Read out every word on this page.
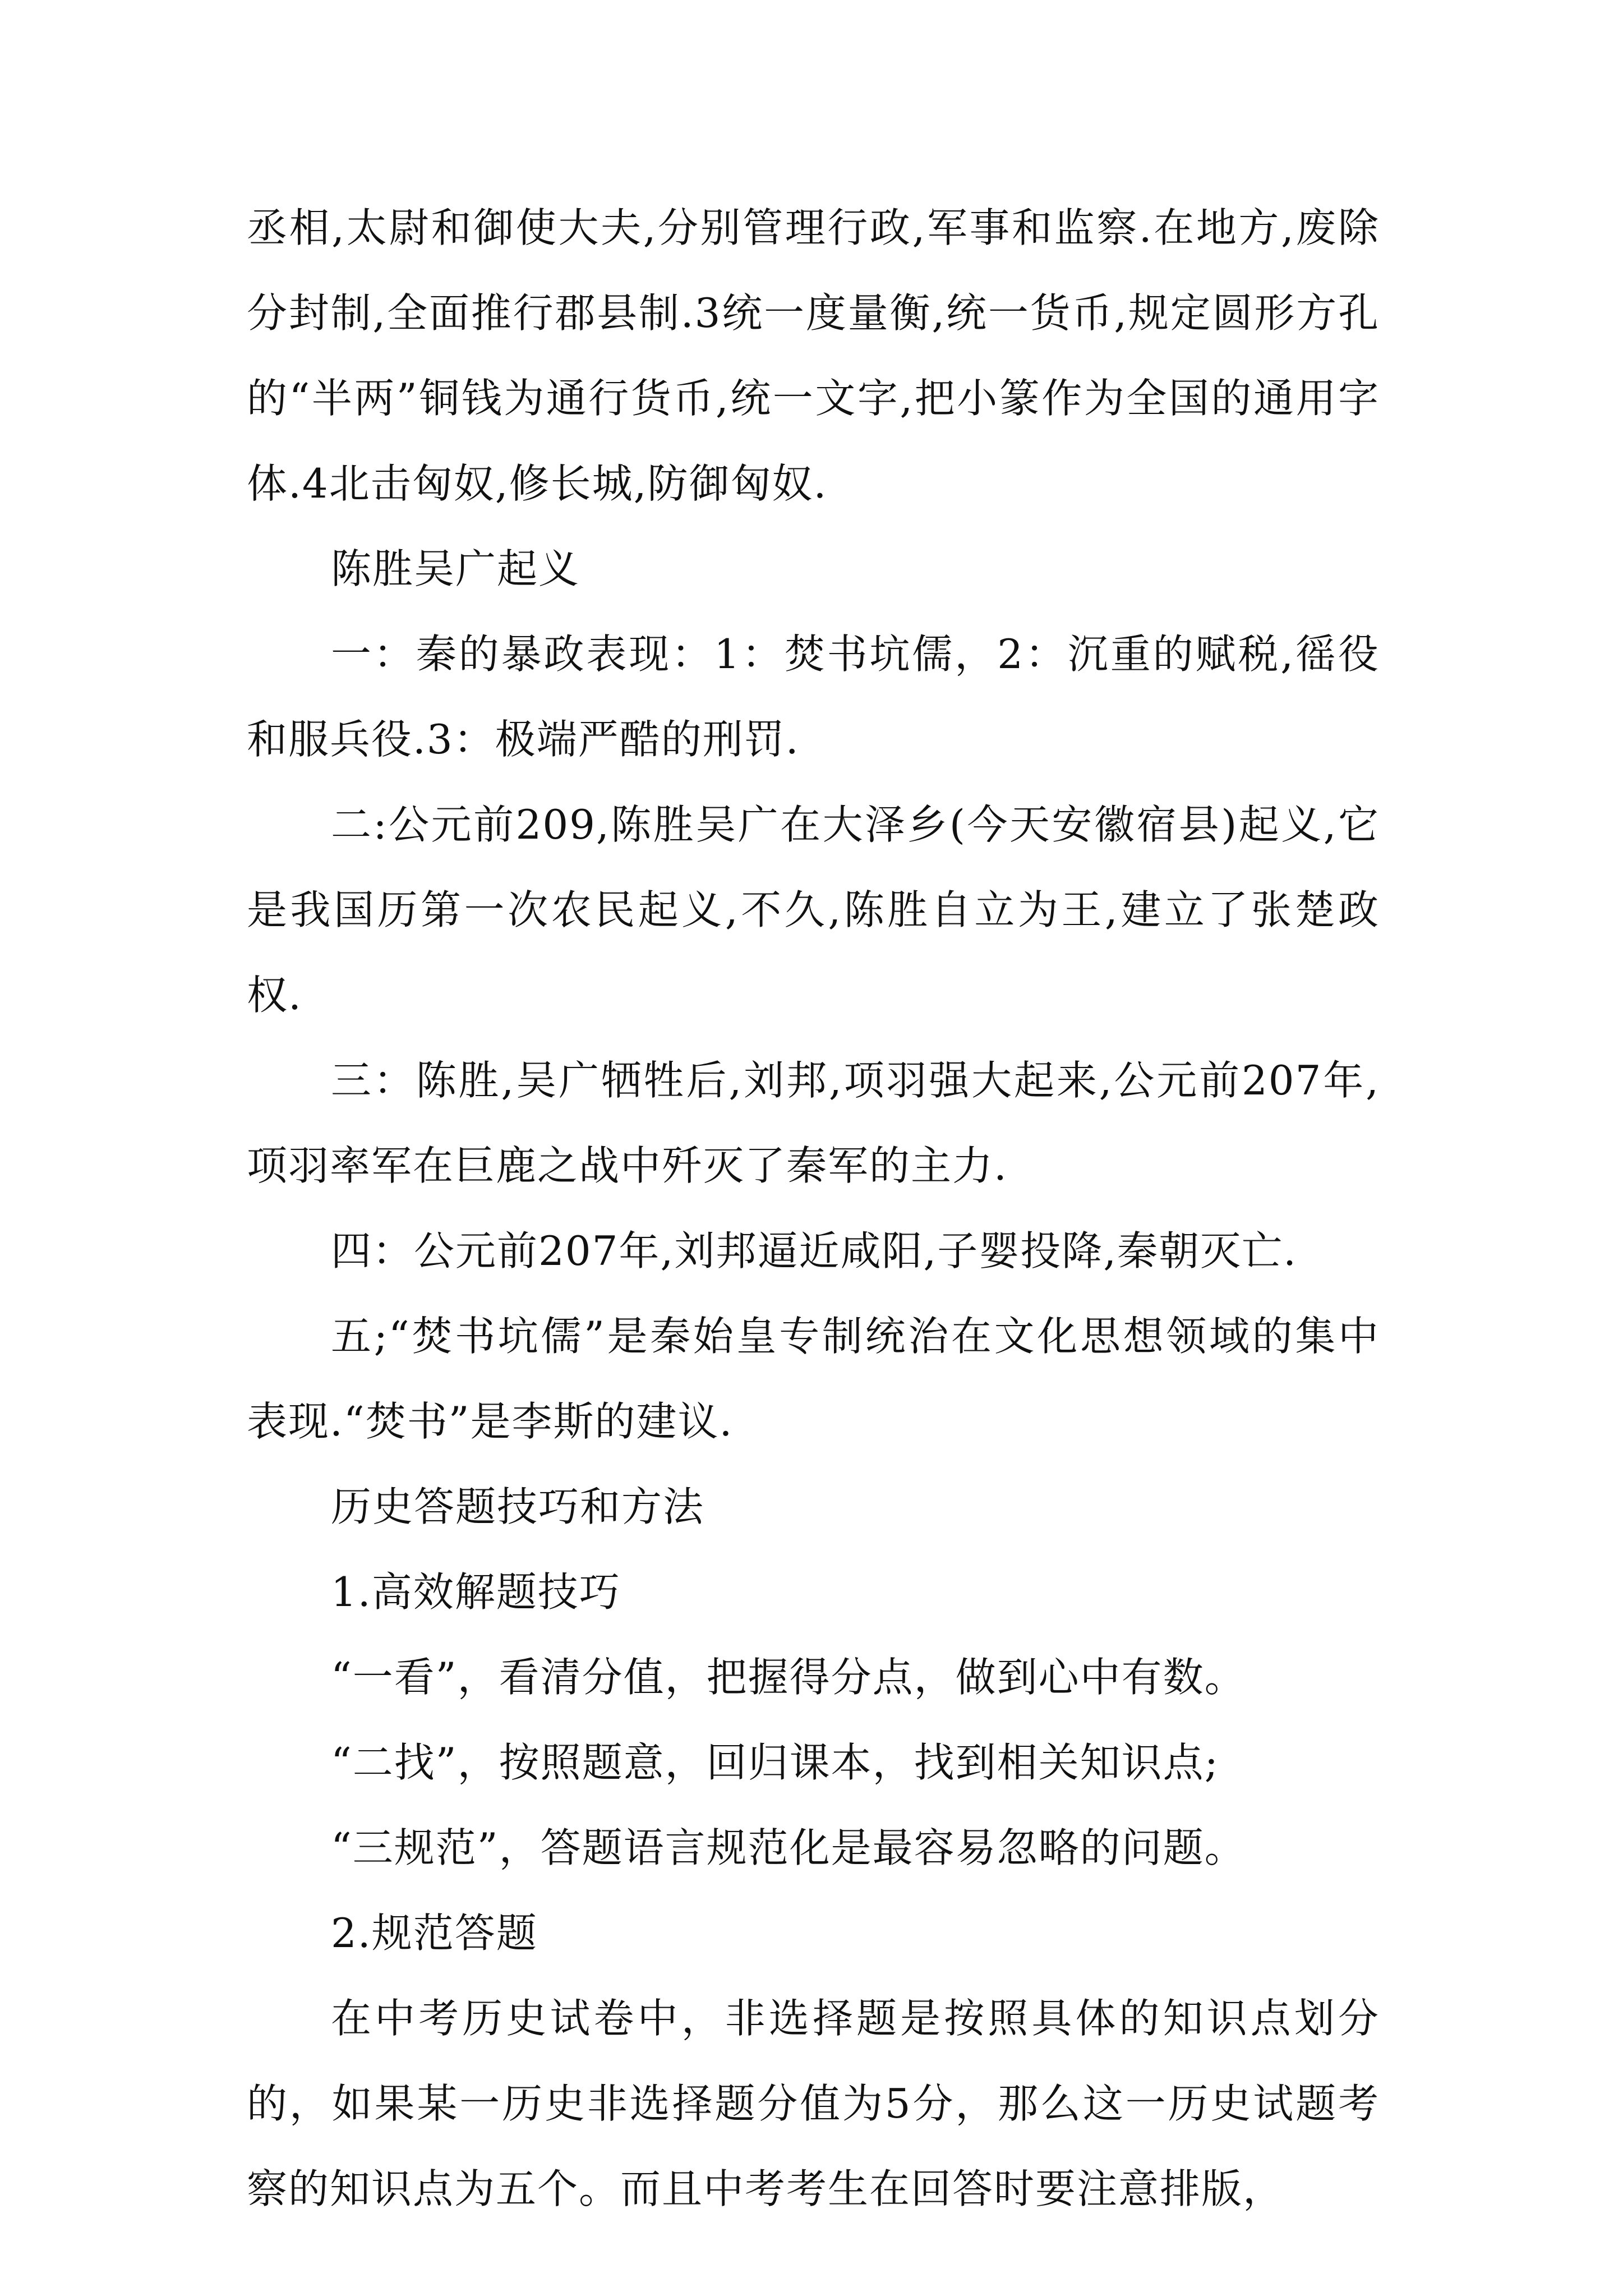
丞相,太尉和御使大夫,分别管理行政,军事和监察.在地方,废除分封制,全面推行郡县制.3统一度量衡,统一货币,规定圆形方孔的“半两”铜钱为通行货币,统一文字,把小篆作为全国的通用字体.4北击匈奴,修长城,防御匈奴.

陈胜吴广起义

一：秦的暴政表现：1：焚书坑儒，2：沉重的赋税,徭役和服兵役.3：极端严酷的刑罚.

二:公元前209,陈胜吴广在大泽乡(今天安徽宿县)起义,它是我国历第一次农民起义,不久,陈胜自立为王,建立了张楚政权.

三：陈胜,吴广牺牲后,刘邦,项羽强大起来,公元前207年,项羽率军在巨鹿之战中歼灭了秦军的主力.

四：公元前207年,刘邦逼近咸阳,子婴投降,秦朝灭亡.

五;“焚书坑儒”是秦始皇专制统治在文化思想领域的集中表现.“焚书”是李斯的建议.

历史答题技巧和方法

1.高效解题技巧

“一看”，看清分值，把握得分点，做到心中有数。

“二找”，按照题意，回归课本，找到相关知识点;

“三规范”，答题语言规范化是最容易忽略的问题。

2.规范答题

在中考历史试卷中，非选择题是按照具体的知识点划分的，如果某一历史非选择题分值为5分，那么这一历史试题考察的知识点为五个。而且中考考生在回答时要注意排版，
